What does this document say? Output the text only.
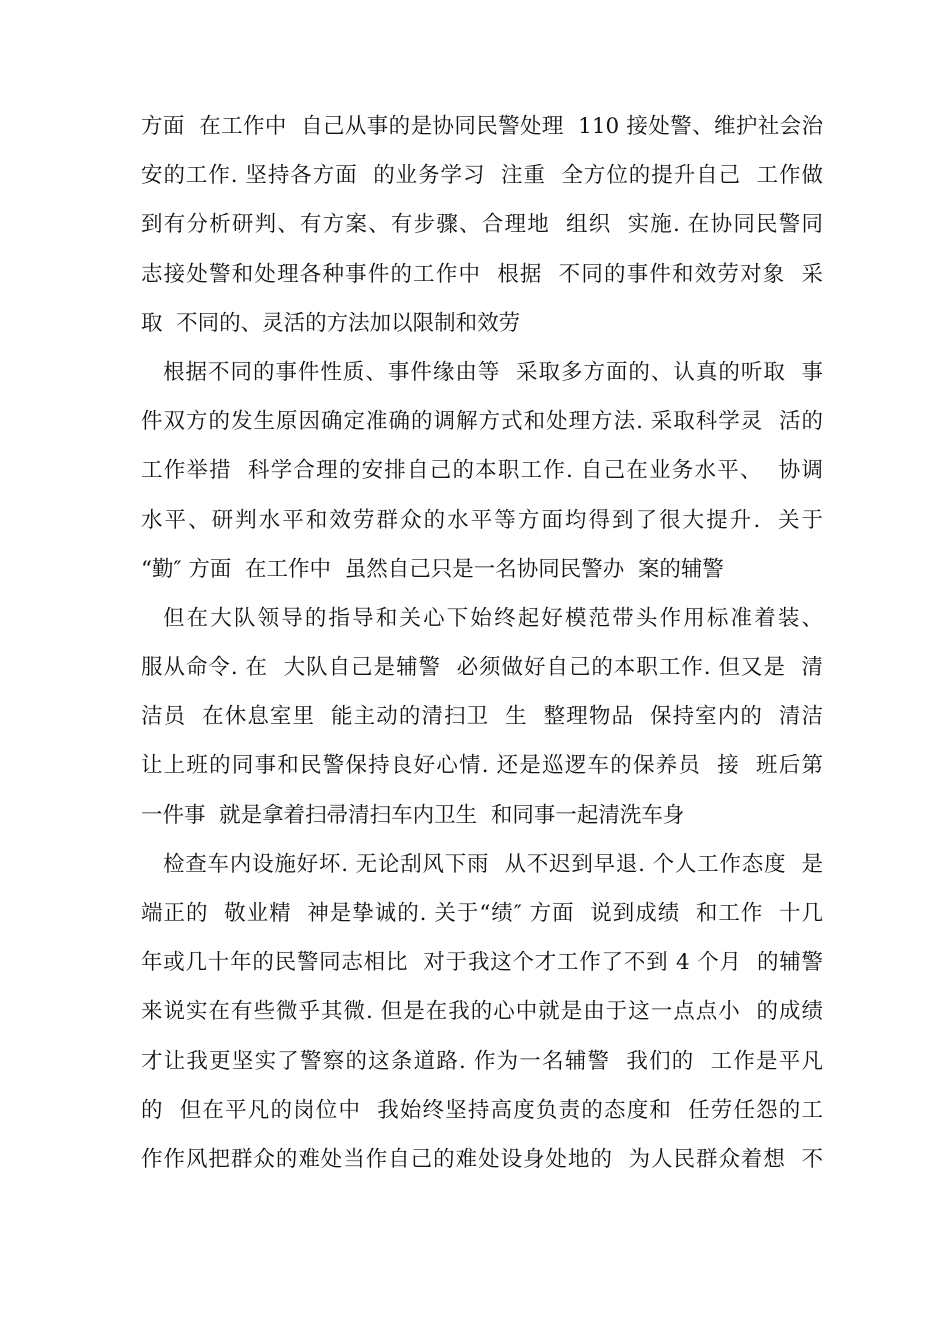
方面  在工作中  自己从事的是协同民警处理  110 接处警、维护社会治
安的工作. 坚持各方面  的业务学习  注重  全方位的提升自己  工作做
到有分析研判、有方案、有步骤、合理地  组织  实施. 在协同民警同
志接处警和处理各种事件的工作中  根据  不同的事件和效劳对象  采
取  不同的、灵活的方法加以限制和效劳
根据不同的事件性质、事件缘由等  采取多方面的、认真的听取  事
件双方的发生原因确定准确的调解方式和处理方法. 采取科学灵  活的
工作举措  科学合理的安排自己的本职工作. 自己在业务水平、  协调
水平、研判水平和效劳群众的水平等方面均得到了很大提升.  关于
“勤″ 方面  在工作中  虽然自己只是一名协同民警办  案的辅警
但在大队领导的指导和关心下始终起好模范带头作用标准着装、
服从命令. 在  大队自己是辅警  必须做好自己的本职工作. 但又是  清
洁员  在休息室里  能主动的清扫卫  生  整理物品  保持室内的  清洁
让上班的同事和民警保持良好心情. 还是巡逻车的保养员  接  班后第
一件事  就是拿着扫帚清扫车内卫生  和同事一起清洗车身
检查车内设施好坏. 无论刮风下雨  从不迟到早退. 个人工作态度  是
端正的  敬业精  神是挚诚的. 关于“绩″ 方面  说到成绩  和工作  十几
年或几十年的民警同志相比  对于我这个才工作了不到 4 个月  的辅警
来说实在有些微乎其微. 但是在我的心中就是由于这一点点小  的成绩
才让我更坚实了警察的这条道路. 作为一名辅警  我们的  工作是平凡
的  但在平凡的岗位中  我始终坚持高度负责的态度和  任劳任怨的工
作作风把群众的难处当作自己的难处设身处地的  为人民群众着想  不
